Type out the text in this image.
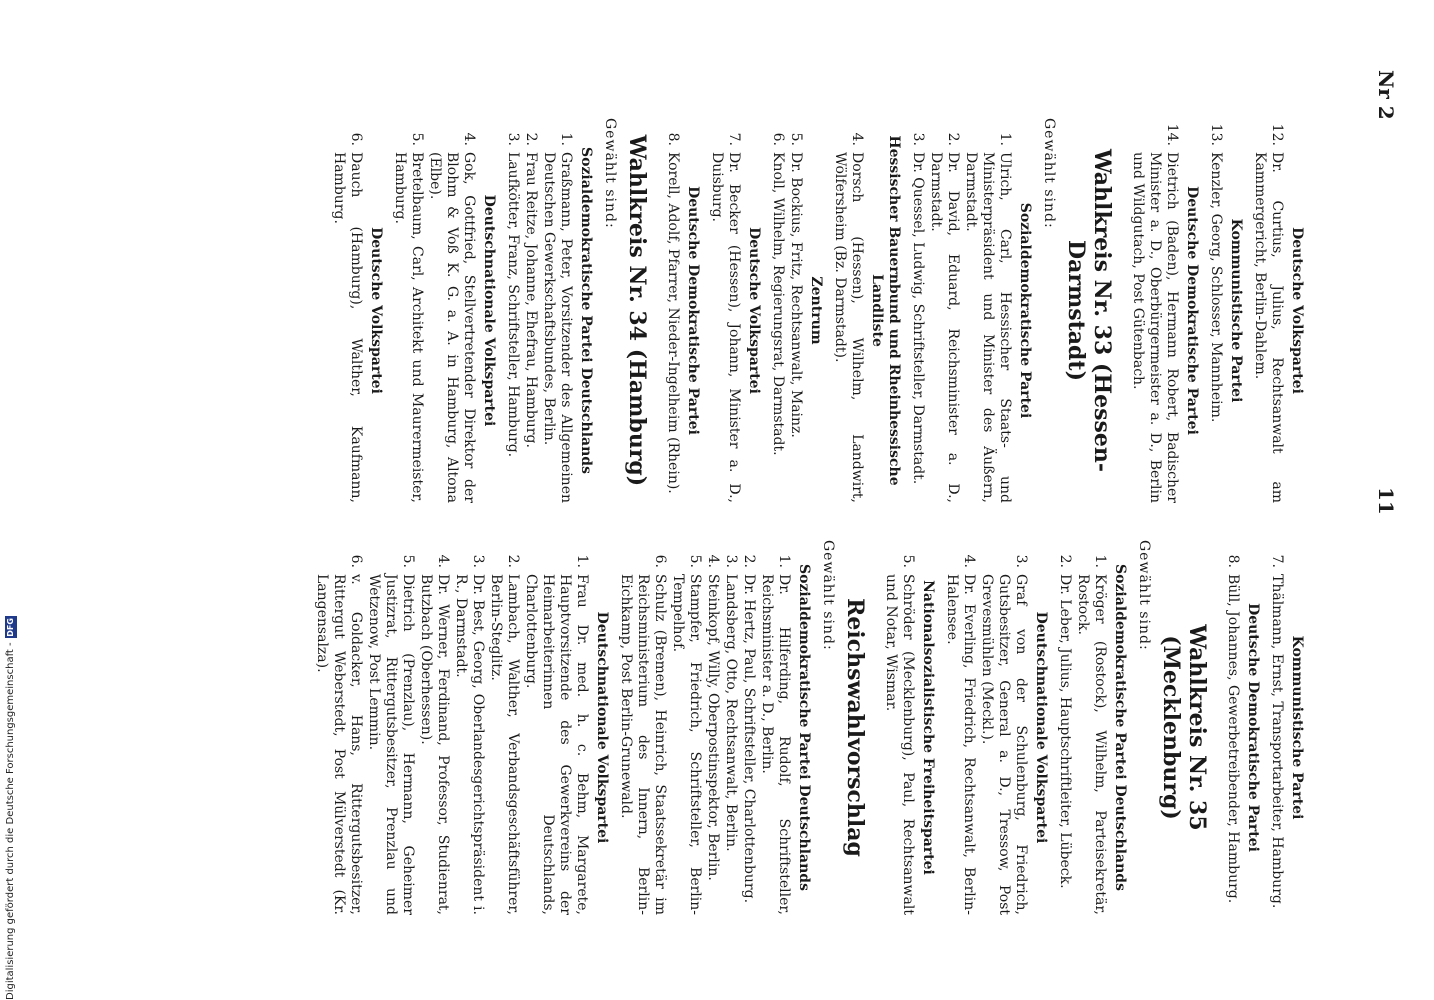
Nr 2
11
Deutsche Volkspartei
12.
Dr. Curtius, Julius, Rechtsanwalt am Kammergericht, Berlin-Dahlem.
Kommunistische Partei
13.
Kenzler, Georg, Schlosser, Mannheim.
Deutsche Demokratische Partei
14.
Dietrich (Baden), Hermann Robert, Badischer Minister a. D., Oberbürgermeister a. D., Berlin und Wildgutach, Post Gütenbach.
Wahlkreis Nr. 33 (Hessen-Darmstadt)
Gewählt sind:
Sozialdemokratische Partei
1.
Ulrich, Carl, Hessischer Staats- und Ministerpräsident und Minister des Äußern, Darmstadt.
2.
Dr. David, Eduard, Reichsminister a. D., Darmstadt.
3.
Dr. Quessel, Ludwig, Schriftsteller, Darmstadt.
Hessischer Bauernbund und Rheinhessische Landliste
4.
Dorsch (Hessen), Wilhelm, Landwirt, Wölfersheim (Bz. Darmstadt).
Zentrum
5.
Dr. Bockius, Fritz, Rechtsanwalt, Mainz.
6.
Knoll, Wilhelm, Regierungsrat, Darmstadt.
Deutsche Volkspartei
7.
Dr. Becker (Hessen), Johann, Minister a. D., Duisburg.
Deutsche Demokratische Partei
8.
Korell, Adolf, Pfarrer, Nieder-Ingelheim (Rhein).
Wahlkreis Nr. 34 (Hamburg)
Gewählt sind:
Sozialdemokratische Partei Deutschlands
1.
Graßmann, Peter, Vorsitzender des Allgemeinen Deutschen Gewerkschaftsbundes, Berlin.
2.
Frau Reitze, Johanne, Ehefrau, Hamburg.
3.
Laufkötter, Franz, Schriftsteller, Hamburg.
Deutschnationale Volkspartei
4.
Gok, Gottfried, Stellvertretender Direktor der Blohm & Voß K. G. a. A. in Hamburg, Altona (Elbe).
5.
Bretelbaum, Carl, Architekt und Maurermeister, Hamburg.
Deutsche Volkspartei
6.
Dauch (Hamburg), Walther, Kaufmann, Hamburg.
Kommunistische Partei
7.
Thälmann, Ernst, Transportarbeiter, Hamburg.
Deutsche Demokratische Partei
8.
Büll, Johannes, Gewerbetreibender, Hamburg.
Wahlkreis Nr. 35 (Mecklenburg)
Gewählt sind:
Sozialdemokratische Partei Deutschlands
1.
Kröger (Rostock), Wilhelm, Parteisekretär, Rostock.
2.
Dr. Leber, Julius, Hauptschriftleiter, Lübeck.
Deutschnationale Volkspartei
3.
Graf von der Schulenburg, Friedrich, Gutsbesitzer, General a. D., Tressow, Post Grevesmühlen (Meckl.).
4.
Dr. Everling, Friedrich, Rechtsanwalt, Berlin-Halensee.
Nationalsozialistische Freiheitspartei
5.
Schröder (Mecklenburg), Paul, Rechtsanwalt und Notar, Wismar.
Reichswahlvorschlag
Gewählt sind:
Sozialdemokratische Partei Deutschlands
1.
Dr. Hilferding, Rudolf, Schriftsteller, Reichsminister a. D., Berlin.
2.
Dr. Hertz, Paul, Schriftsteller, Charlottenburg.
3.
Landsberg, Otto, Rechtsanwalt, Berlin.
4.
Steinkopf, Willy, Oberpostinspektor, Berlin.
5.
Stampfer, Friedrich, Schriftsteller, Berlin-Tempelhof.
6.
Schulz (Bremen), Heinrich, Staatssekretär im Reichsministerium des Innern, Berlin-Eichkamp, Post Berlin-Grunewald.
Deutschnationale Volkspartei
1.
Frau Dr. med. h. c. Behm, Margarete, Hauptvorsitzende des Gewerkvereins der Heimarbeiterinnen Deutschlands, Charlottenburg.
2.
Lambach, Walther, Verbandsgeschäftsführer, Berlin-Steglitz.
3.
Dr. Best, Georg, Oberlandesgerichtspräsident i. R., Darmstadt.
4.
Dr. Werner, Ferdinand, Professor, Studienrat, Butzbach (Oberhessen).
5.
Dietrich (Prenzlau), Hermann, Geheimer Justizrat, Rittergutsbesitzer, Prenzlau und Wetzenow, Post Lemmin.
6.
v. Goldacker, Hans, Rittergutsbesitzer, Rittergut Weberstedt, Post Mülverstedt (Kr. Langensalza).
Digitalisierung gefördert durch die Deutsche Forschungsgemeinschaft -
DFG
